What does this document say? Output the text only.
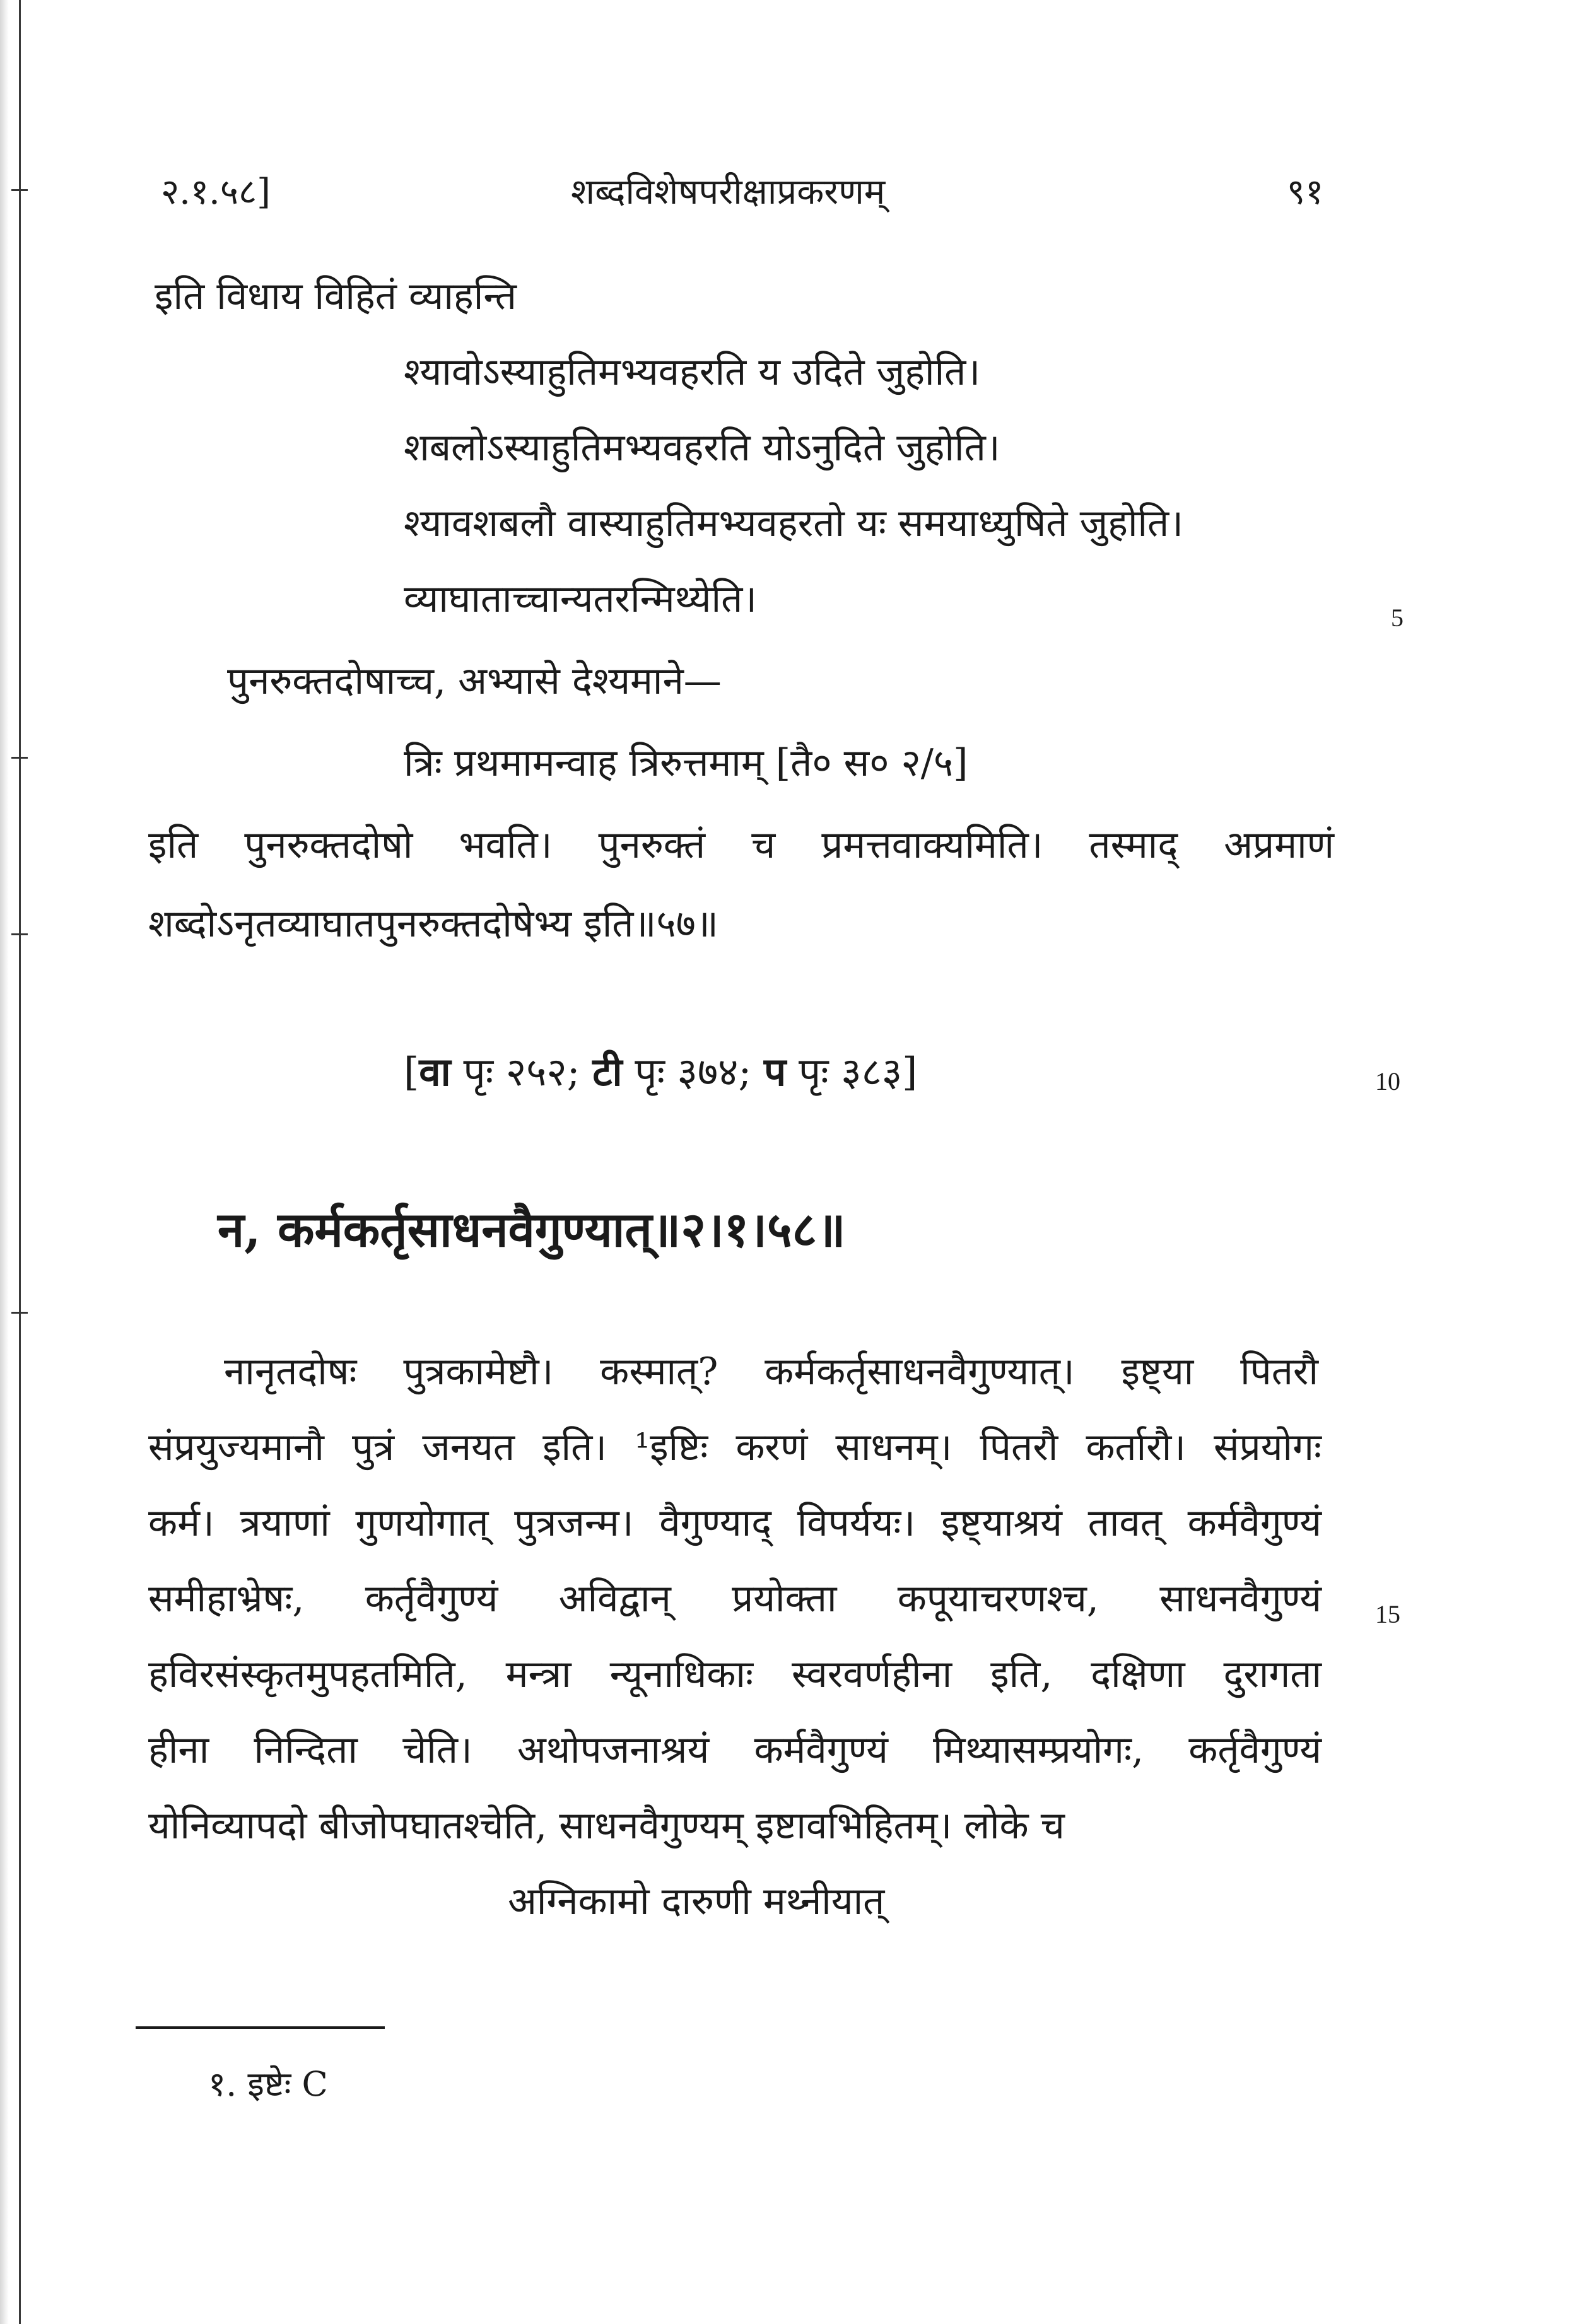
२.१.५८]	शब्दविशेषपरीक्षाप्रकरणम्	९१
इति विधाय विहितं व्याहन्ति
श्यावोऽस्याहुतिमभ्यवहरति य उदिते जुहोति।
शबलोऽस्याहुतिमभ्यवहरति योऽनुदिते जुहोति।
श्यावशबलौ वास्याहुतिमभ्यवहरतो यः समयाध्युषिते जुहोति।
व्याघाताच्चान्यतरन्मिथ्येति।	5
पुनरुक्तदोषाच्च, अभ्यासे देश्यमाने—
त्रिः प्रथमामन्वाह त्रिरुत्तमाम् [तै० स० २/५]
इति पुनरुक्तदोषो भवति। पुनरुक्तं च प्रमत्तवाक्यमिति। तस्माद् अप्रमाणं
शब्दोऽनृतव्याघातपुनरुक्तदोषेभ्य इति॥५७॥
[वा पृः २५२; टी पृः ३७४; प पृः ३८३]	10
न, कर्मकर्तृसाधनवैगुण्यात्॥२।१।५८॥
नानृतदोषः पुत्रकामेष्टौ। कस्मात्? कर्मकर्तृसाधनवैगुण्यात्। इष्ट्या पितरौ
संप्रयुज्यमानौ पुत्रं जनयत इति। ¹इष्टिः करणं साधनम्। पितरौ कर्तारौ। संप्रयोगः
कर्म। त्रयाणां गुणयोगात् पुत्रजन्म। वैगुण्याद् विपर्ययः। इष्ट्याश्रयं तावत् कर्मवैगुण्यं
समीहाभ्रेषः, कर्तृवैगुण्यं अविद्वान् प्रयोक्ता कपूयाचरणश्च, साधनवैगुण्यं 15
हविरसंस्कृतमुपहतमिति, मन्त्रा न्यूनाधिकाः स्वरवर्णहीना इति, दक्षिणा दुरागता
हीना निन्दिता चेति। अथोपजनाश्रयं कर्मवैगुण्यं मिथ्यासम्प्रयोगः, कर्तृवैगुण्यं
योनिव्यापदो बीजोपघातश्चेति, साधनवैगुण्यम् इष्टावभिहितम्। लोके च
अग्निकामो दारुणी मथ्नीयात्
१. इष्टेः C
